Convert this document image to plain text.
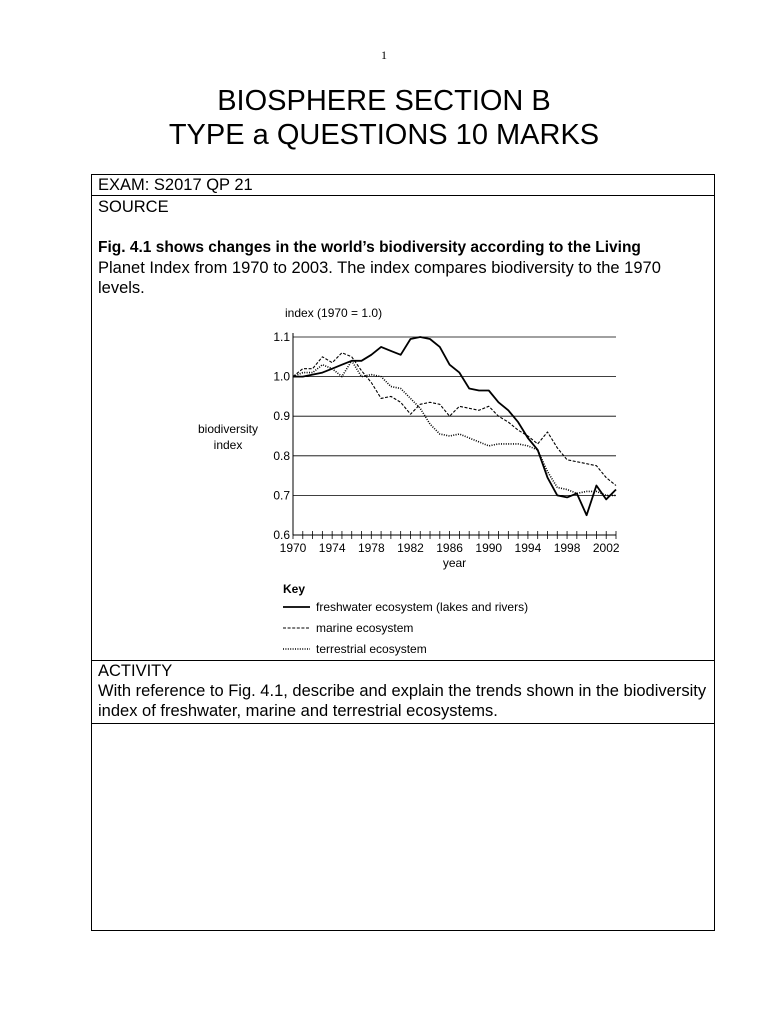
1
BIOSPHERE SECTION B
TYPE a QUESTIONS 10 MARKS
EXAM: S2017 QP 21

SOURCE
Fig. 4.1 shows changes in the world’s biodiversity according to the Living
Planet Index from 1970 to 2003. The index compares biodiversity to the 1970 levels.
index (1970 = 1.0)
0.6
0.7
0.8
0.9
1.0
1.1
1970 1974 1978 1982 1986 1990 1994 1998 2002
year
biodiversity
index
Key
freshwater ecosystem (lakes and rivers)
marine ecosystem
terrestrial ecosystem

ACTIVITY
With reference to Fig. 4.1, describe and explain the trends shown in the biodiversity index of freshwater, marine and terrestrial ecosystems.
